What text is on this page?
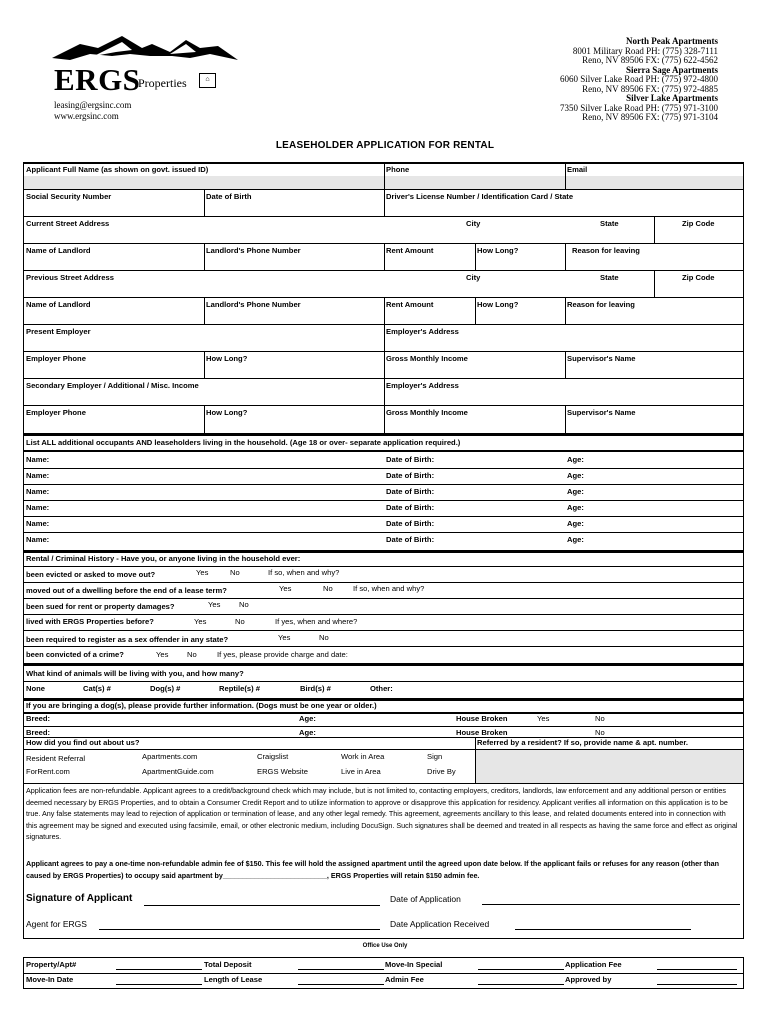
ERGS
Properties	⌂
leasing@ergsinc.com
www.ergsinc.com
North Peak Apartments
8001 Military Road PH: (775) 328-7111
Reno, NV 89506 FX: (775) 622-4562
Sierra Sage Apartments
6060 Silver Lake Road PH: (775) 972-4800
Reno, NV 89506 FX: (775) 972-4885
Silver Lake Apartments
7350 Silver Lake Road PH: (775) 971-3100
Reno, NV 89506 FX: (775) 971-3104
LEASEHOLDER APPLICATION FOR RENTAL
Applicant Full Name (as shown on govt. issued ID)	Phone	Email
Social Security Number	Date of Birth	Driver's License Number / Identification Card / State
Current Street Address	City	State	Zip Code
Name of Landlord	Landlord's Phone Number	Rent Amount	How Long?	Reason for leaving
Previous Street Address	City	State	Zip Code
Name of Landlord	Landlord's Phone Number	Rent Amount	How Long?	Reason for leaving
Present Employer	Employer's Address
Employer Phone	How Long?	Gross Monthly Income	Supervisor's Name
Secondary Employer / Additional / Misc. Income	Employer's Address
Employer Phone	How Long?	Gross Monthly Income	Supervisor's Name
List ALL additional occupants AND leaseholders living in the household. (Age 18 or over- separate application required.)
Name:	Date of Birth:	Age:
Name:	Date of Birth:	Age:
Name:	Date of Birth:	Age:
Name:	Date of Birth:	Age:
Name:	Date of Birth:	Age:
Name:	Date of Birth:	Age:
Rental / Criminal History - Have you, or anyone living in the household ever:
been evicted or asked to move out?	Yes	No	If so, when and why?
moved out of a dwelling before the end of a lease term?	Yes	No	If so, when and why?
been sued for rent or property damages?	Yes No
lived with ERGS Properties before?	Yes	No	If yes, when and where?
been required to register as a sex offender in any state?	Yes	No
been convicted of a crime?	Yes No	If yes, please provide charge and date:
What kind of animals will be living with you, and how many?
None	Cat(s) #	Dog(s) #	Reptile(s) #	Bird(s) #	Other:
If you are bringing a dog(s), please provide further information. (Dogs must be one year or older.)
Breed:	Age:	House Broken	Yes	No
Breed:	Age:	House Broken	No
How did you find out about us?	Referred by a resident? If so, provide name & apt. number.
Resident Referral	Apartments.com	Craigslist	Work in Area	Sign
ForRent.com	ApartmentGuide.com	ERGS Website	Live in Area	Drive By
Application fees are non-refundable. Applicant agrees to a credit/background check which may include, but is not limited to, contacting employers, creditors, landlords, law enforcement and any additional person or entities deemed necessary by ERGS Properties, and to obtain a Consumer Credit Report and to utilize information to approve or disapprove this application for residency. Applicant verifies all information on this application is to be true. Any false statements may lead to rejection of application or termination of lease, and any other legal remedy. This agreement, agreements ancillary to this lease, and related documents entered into in connection with this agreement may be signed and executed using facsimile, email, or other electronic medium, including DocuSign. Such signatures shall be deemed and treated in all respects as having the same force and effect as original signatures.
Applicant agrees to pay a one-time non-refundable admin fee of $150. This fee will hold the assigned apartment until the agreed upon date below. If the applicant fails or refuses for any reason (other than caused by ERGS Properties) to occupy said apartment by__________________________, ERGS Properties will retain $150 admin fee.
Signature of Applicant	Date of Application
Agent for ERGS	Date Application Received
Office Use Only
Property/Apt#	Total Deposit	Move-In Special	Application Fee
Move-In Date	Length of Lease	Admin Fee	Approved by
